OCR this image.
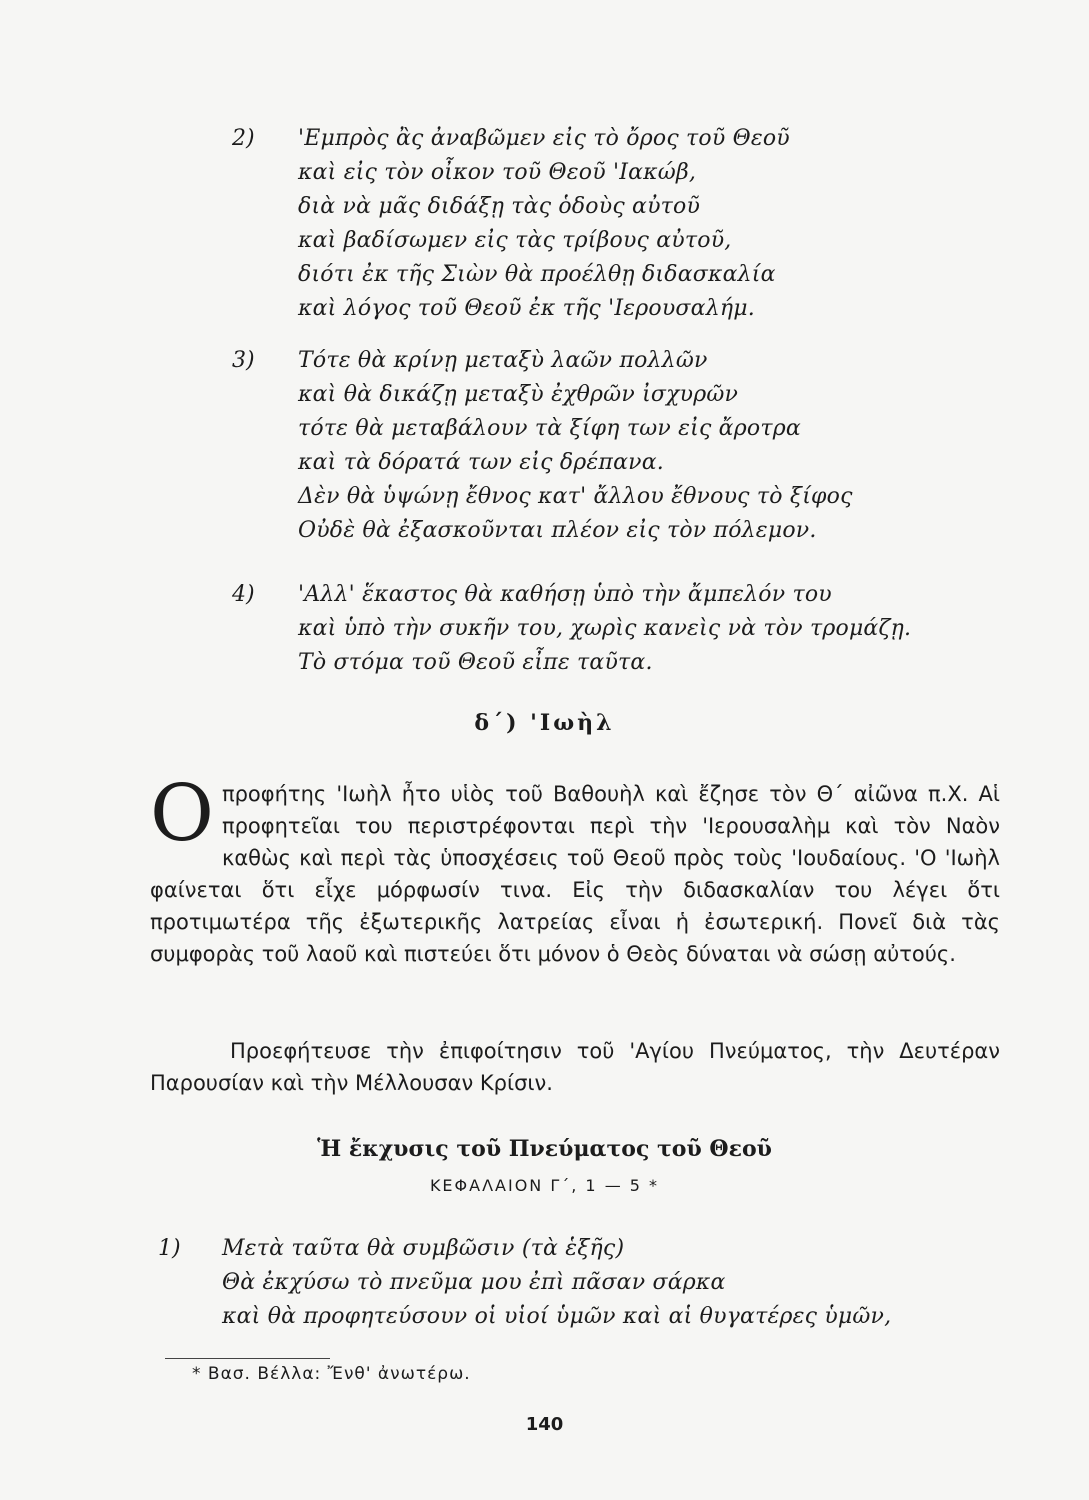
2) 'Εμπρὸς ἂς ἀναβῶμεν εἰς τὸ ὄρος τοῦ Θεοῦ
καὶ εἰς τὸν οἶκον τοῦ Θεοῦ 'Ιακώβ,
διὰ νὰ μᾶς διδάξῃ τὰς ὁδοὺς αὐτοῦ
καὶ βαδίσωμεν εἰς τὰς τρίβους αὐτοῦ,
διότι ἐκ τῆς Σιὼν θὰ προέλθῃ διδασκαλία
καὶ λόγος τοῦ Θεοῦ ἐκ τῆς 'Ιερουσαλήμ.
3) Τότε θὰ κρίνῃ μεταξὺ λαῶν πολλῶν
καὶ θὰ δικάζῃ μεταξὺ ἐχθρῶν ἰσχυρῶν
τότε θὰ μεταβάλουν τὰ ξίφη των εἰς ἄροτρα
καὶ τὰ δόρατά των εἰς δρέπανα.
Δὲν θὰ ὑψώνῃ ἔθνος κατ' ἄλλου ἔθνους τὸ ξίφος
Οὐδὲ θὰ ἐξασκοῦνται πλέον εἰς τὸν πόλεμον.
4) 'Αλλ' ἕκαστος θὰ καθήσῃ ὑπὸ τὴν ἄμπελόν του
καὶ ὑπὸ τὴν συκῆν του, χωρὶς κανεὶς νὰ τὸν τρομάζῃ.
Τὸ στόμα τοῦ Θεοῦ εἶπε ταῦτα.
δ΄) 'Ιωὴλ
Ο προφήτης 'Ιωὴλ ἦτο υἱὸς τοῦ Βαθουὴλ καὶ ἔζησε τὸν Θ΄ αἰῶνα π.Χ. Αἱ προφητεῖαι του περιστρέφονται περὶ τὴν 'Ιερουσαλὴμ καὶ τὸν Ναὸν καθὼς καὶ περὶ τὰς ὑποσχέσεις τοῦ Θεοῦ πρὸς τοὺς 'Ιουδαίους. 'Ο 'Ιωὴλ φαίνεται ὅτι εἶχε μόρφωσίν τινα. Εἰς τὴν διδασκαλίαν του λέγει ὅτι προτιμωτέρα τῆς ἐξωτερικῆς λατρείας εἶναι ἡ ἐσωτερική. Πονεῖ διὰ τὰς συμφορὰς τοῦ λαοῦ καὶ πιστεύει ὅτι μόνον ὁ Θεὸς δύναται νὰ σώσῃ αὐτούς.
Προεφήτευσε τὴν ἐπιφοίτησιν τοῦ 'Αγίου Πνεύματος, τὴν Δευτέραν Παρουσίαν καὶ τὴν Μέλλουσαν Κρίσιν.
Ἡ ἔκχυσις τοῦ Πνεύματος τοῦ Θεοῦ
ΚΕΦΑΛΑΙΟΝ Γ΄, 1 — 5 *
1) Μετὰ ταῦτα θὰ συμβῶσιν (τὰ ἑξῆς)
Θὰ ἐκχύσω τὸ πνεῦμα μου ἐπὶ πᾶσαν σάρκα
καὶ θὰ προφητεύσουν οἱ υἱοί ὑμῶν καὶ αἱ θυγατέρες ὑμῶν,
* Βασ. Βέλλα: Ἔνθ' ἀνωτέρω.
140
